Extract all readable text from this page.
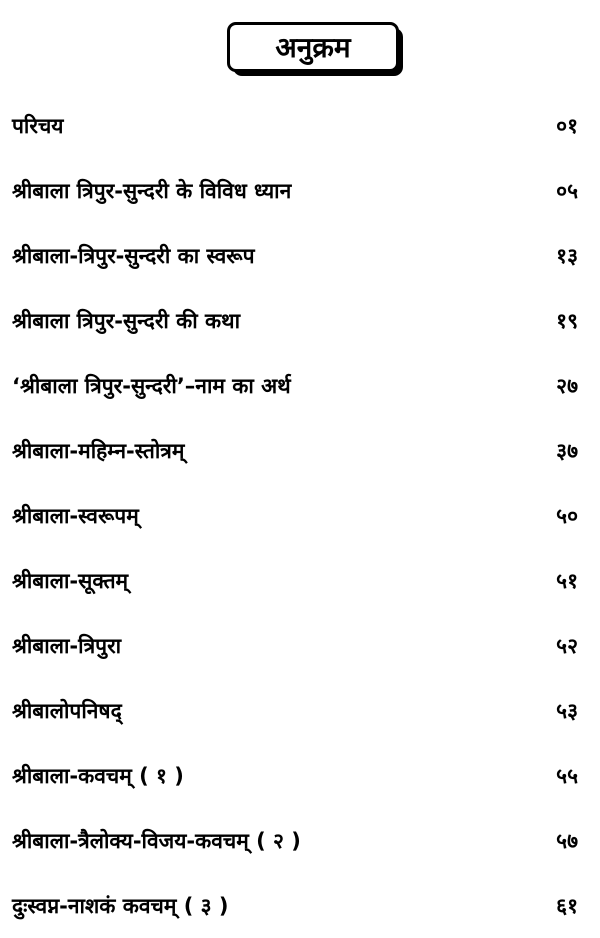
अनुक्रम
परिचय	०१
श्रीबाला त्रिपुर-सुन्दरी के विविध ध्यान	०५
श्रीबाला-त्रिपुर-सुन्दरी का स्वरूप	१३
श्रीबाला त्रिपुर-सुन्दरी की कथा	१९
‘श्रीबाला त्रिपुर-सुन्दरी’–नाम का अर्थ	२७
श्रीबाला-महिम्न-स्तोत्रम्	३७
श्रीबाला-स्वरूपम्	५०
श्रीबाला-सूक्तम्	५१
श्रीबाला-त्रिपुरा	५२
श्रीबालोपनिषद्	५३
श्रीबाला-कवचम् ( १ )	५५
श्रीबाला-त्रैलोक्य-विजय-कवचम् ( २ )	५७
दुःस्वप्न-नाशकं कवचम् ( ३ )	६१
